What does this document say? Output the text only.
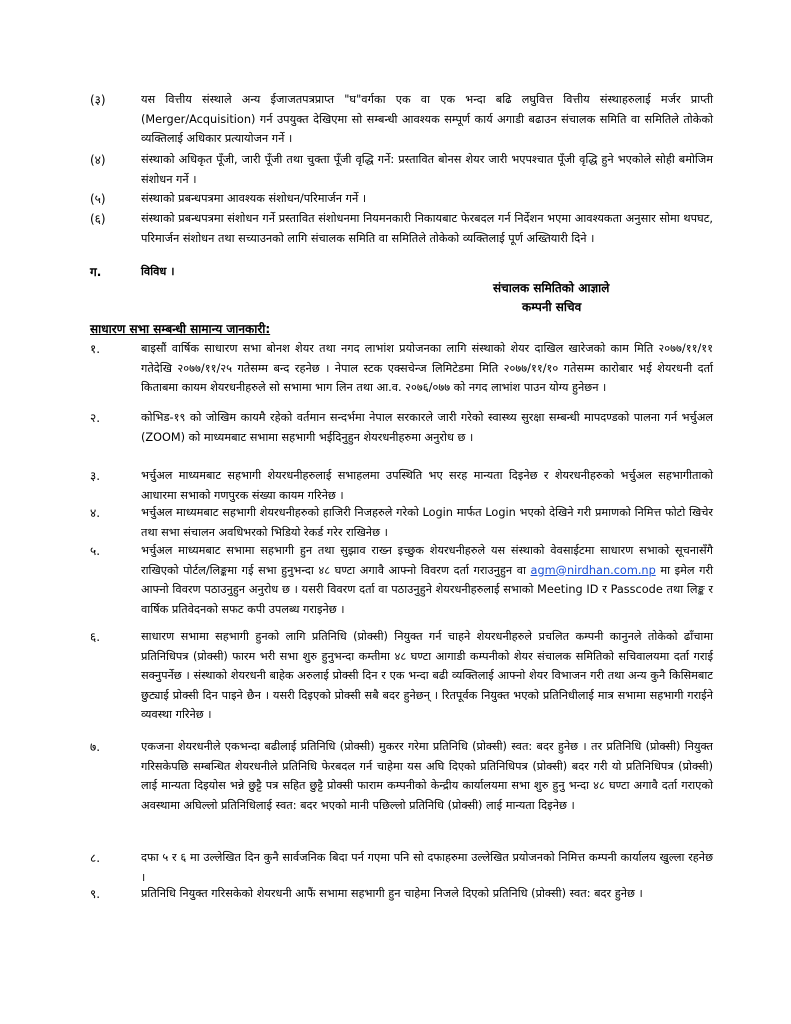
(३)	यस वित्तीय संस्थाले अन्य ईजाजतपत्रप्राप्त "घ"वर्गका एक वा एक भन्दा बढि लघुवित्त वित्तीय संस्थाहरुलाई मर्जर प्राप्ती (Merger/Acquisition) गर्न उपयुक्त देखिएमा सो सम्बन्धी आवश्यक सम्पूर्ण कार्य अगाडी बढाउन संचालक समिति वा समितिले तोकेको व्यक्तिलाई अधिकार प्रत्यायोजन गर्ने ।
(४)	संस्थाको अधिकृत पूँजी, जारी पूँजी तथा चुक्ता पूँजी वृद्धि गर्ने: प्रस्तावित बोनस शेयर जारी भएपश्चात पूँजी वृद्धि हुने भएकोले सोही बमोजिम संशोधन गर्ने ।
(५)	संस्थाको प्रबन्धपत्रमा आवश्यक संशोधन/परिमार्जन गर्ने ।
(६)	संस्थाको प्रबन्धपत्रमा संशोधन गर्ने प्रस्तावित संशोधनमा नियमनकारी निकायबाट फेरबदल गर्न निर्देशन भएमा आवश्यकता अनुसार सोमा थपघट, परिमार्जन संशोधन तथा सच्याउनको लागि संचालक समिति वा समितिले तोकेको व्यक्तिलाई पूर्ण अख्तियारी दिने ।
ग.	विविध ।
संचालक समितिको आज्ञाले
कम्पनी सचिव
साधारण सभा सम्बन्धी सामान्य जानकारी:
१.	बाइसौं वार्षिक साधारण सभा बोनश शेयर तथा नगद लाभांश प्रयोजनका लागि संस्थाको शेयर दाखिल खारेजको काम मिति २०७७/११/११ गतेदेखि २०७७/११/२५ गतेसम्म बन्द रहनेछ । नेपाल स्टक एक्सचेन्ज लिमिटेडमा मिति २०७७/११/१० गतेसम्म कारोबार भई शेयरधनी दर्ता किताबमा कायम शेयरधनीहरुले सो सभामा भाग लिन तथा आ.व. २०७६/०७७ को नगद लाभांश पाउन योग्य हुनेछन ।
२.	कोभिड-१९ को जोखिम कायमै रहेको वर्तमान सन्दर्भमा नेपाल सरकारले जारी गरेको स्वास्थ्य सुरक्षा सम्बन्धी मापदण्डको पालना गर्न भर्चुअल (ZOOM) को माध्यमबाट सभामा सहभागी भईदिनुहुन शेयरधनीहरुमा अनुरोध छ ।
३.	भर्चुअल माध्यमबाट सहभागी शेयरधनीहरुलाई सभाहलमा उपस्थिति भए सरह मान्यता दिइनेछ र शेयरधनीहरुको भर्चुअल सहभागीताको आधारमा सभाको गणपुरक संख्या कायम गरिनेछ ।
४.	भर्चुअल माध्यमबाट सहभागी शेयरधनीहरुको हाजिरी निजहरुले गरेको Login मार्फत Login भएको देखिने गरी प्रमाणको निमित्त फोटो खिचेर तथा सभा संचालन अवधिभरको भिडियो रेकर्ड गरेर राखिनेछ ।
५.	भर्चुअल माध्यमबाट सभामा सहभागी हुन तथा सुझाव राख्न इच्छुक शेयरधनीहरुले यस संस्थाको वेवसाईटमा साधारण सभाको सूचनासँगै राखिएको पोर्टल/लिङ्कमा गई सभा हुनुभन्दा ४८ घण्टा अगावै आफ्नो विवरण दर्ता गराउनुहुन वा agm@nirdhan.com.np मा इमेल गरी आफ्नो विवरण पठाउनुहुन अनुरोध छ । यसरी विवरण दर्ता वा पठाउनुहुने शेयरधनीहरुलाई सभाको Meeting ID र Passcode तथा लिङ्क र वार्षिक प्रतिवेदनको सफट कपी उपलब्ध गराइनेछ ।
६.	साधारण सभामा सहभागी हुनको लागि प्रतिनिधि (प्रोक्सी) नियुक्त गर्न चाहने शेयरधनीहरुले प्रचलित कम्पनी कानुनले तोकेको ढाँचामा प्रतिनिधिपत्र (प्रोक्सी) फारम भरी सभा शुरु हुनुभन्दा कम्तीमा ४८ घण्टा आगाडी कम्पनीको शेयर संचालक समितिको सचिवालयमा दर्ता गराई सक्नुपर्नेछ । संस्थाको शेयरधनी बाहेक अरुलाई प्रोक्सी दिन र एक भन्दा बढी व्यक्तिलाई आफ्नो शेयर विभाजन गरी तथा अन्य कुनै किसिमबाट छुट्याई प्रोक्सी दिन पाइने छैन । यसरी दिइएको प्रोक्सी सबै बदर हुनेछन् । रितपूर्वक नियुक्त भएको प्रतिनिधीलाई मात्र सभामा सहभागी गराईने व्यवस्था गरिनेछ ।
७.	एकजना शेयरधनीले एकभन्दा बढीलाई प्रतिनिधि (प्रोक्सी) मुकरर गरेमा प्रतिनिधि (प्रोक्सी) स्वत: बदर हुनेछ । तर प्रतिनिधि (प्रोक्सी) नियुक्त गरिसकेपछि सम्बन्धित शेयरधनीले प्रतिनिधि फेरबदल गर्न चाहेमा यस अघि दिएको प्रतिनिधिपत्र (प्रोक्सी) बदर गरी यो प्रतिनिधिपत्र (प्रोक्सी) लाई मान्यता दिइयोस भन्ने छुट्टै पत्र सहित छुट्टै प्रोक्सी फाराम कम्पनीको केन्द्रीय कार्यालयमा सभा शुरु हुनु भन्दा ४८ घण्टा अगावै दर्ता गराएको अवस्थामा अघिल्लो प्रतिनिधिलाई स्वत: बदर भएको मानी पछिल्लो प्रतिनिधि (प्रोक्सी) लाई मान्यता दिइनेछ ।
८.	दफा ५ र ६ मा उल्लेखित दिन कुनै सार्वजनिक बिदा पर्न गएमा पनि सो दफाहरुमा उल्लेखित प्रयोजनको निमित्त कम्पनी कार्यालय खुल्ला रहनेछ ।
९.	प्रतिनिधि नियुक्त गरिसकेको शेयरधनी आफैं सभामा सहभागी हुन चाहेमा निजले दिएको प्रतिनिधि (प्रोक्सी) स्वत: बदर हुनेछ ।
